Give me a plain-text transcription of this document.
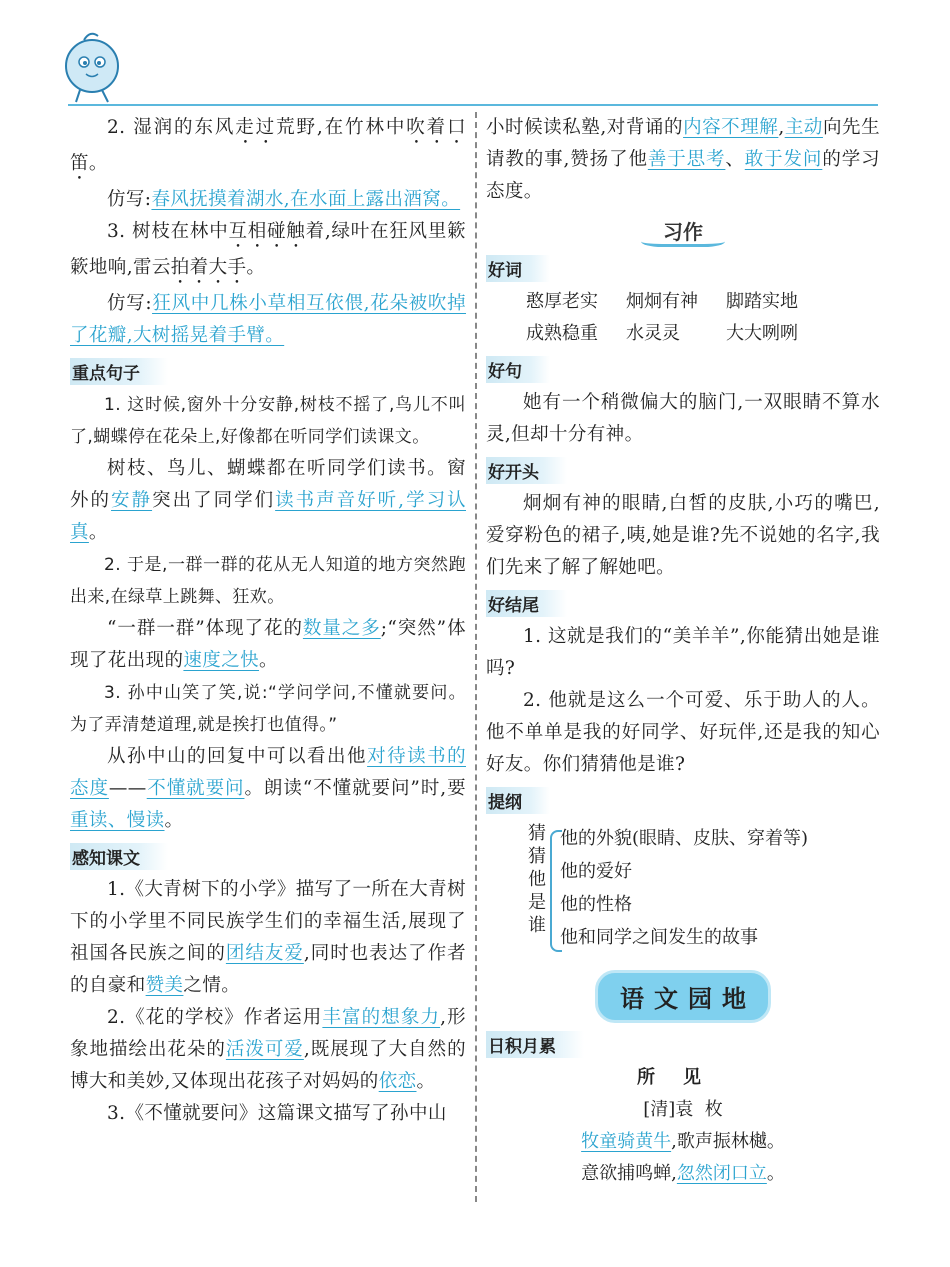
2. 湿润的东风走过荒野,在竹林中吹着口笛。

仿写:春风抚摸着湖水,在水面上露出酒窝。

3. 树枝在林中互相碰触着,绿叶在狂风里簌簌地响,雷云拍着大手。

仿写:狂风中几株小草相互依偎,花朵被吹掉了花瓣,大树摇晃着手臂。

重点句子

1. 这时候,窗外十分安静,树枝不摇了,鸟儿不叫了,蝴蝶停在花朵上,好像都在听同学们读课文。

树枝、鸟儿、蝴蝶都在听同学们读书。窗外的安静突出了同学们读书声音好听,学习认真。

2. 于是,一群一群的花从无人知道的地方突然跑出来,在绿草上跳舞、狂欢。

“一群一群”体现了花的数量之多;“突然”体现了花出现的速度之快。

3. 孙中山笑了笑,说:“学问学问,不懂就要问。为了弄清楚道理,就是挨打也值得。”

从孙中山的回复中可以看出他对待读书的态度——不懂就要问。朗读“不懂就要问”时,要重读、慢读。

感知课文

1.《大青树下的小学》描写了一所在大青树下的小学里不同民族学生们的幸福生活,展现了祖国各民族之间的团结友爱,同时也表达了作者的自豪和赞美之情。

2.《花的学校》作者运用丰富的想象力,形象地描绘出花朵的活泼可爱,既展现了大自然的博大和美妙,又体现出花孩子对妈妈的依恋。

3.《不懂就要问》这篇课文描写了孙中山

小时候读私塾,对背诵的内容不理解,主动向先生请教的事,赞扬了他善于思考、敢于发问的学习态度。

习作
好词
憨厚老实 炯炯有神 脚踏实地
成熟稳重 水灵灵	大大咧咧
好句

她有一个稍微偏大的脑门,一双眼睛不算水灵,但却十分有神。

好开头

炯炯有神的眼睛,白皙的皮肤,小巧的嘴巴,爱穿粉色的裙子,咦,她是谁?先不说她的名字,我们先来了解了解她吧。

好结尾

1. 这就是我们的“美羊羊”,你能猜出她是谁吗?

2. 他就是这么一个可爱、乐于助人的人。他不单单是我的好同学、好玩伴,还是我的知心好友。你们猜猜他是谁?

提纲
猜
猜
他
是
谁
他的外貌(眼睛、皮肤、穿着等)
他的爱好
他的性格
他和同学之间发生的故事
语文园地
日积月累
所见
[清]袁  枚
牧童骑黄牛,歌声振林樾。
意欲捕鸣蝉,忽然闭口立。
